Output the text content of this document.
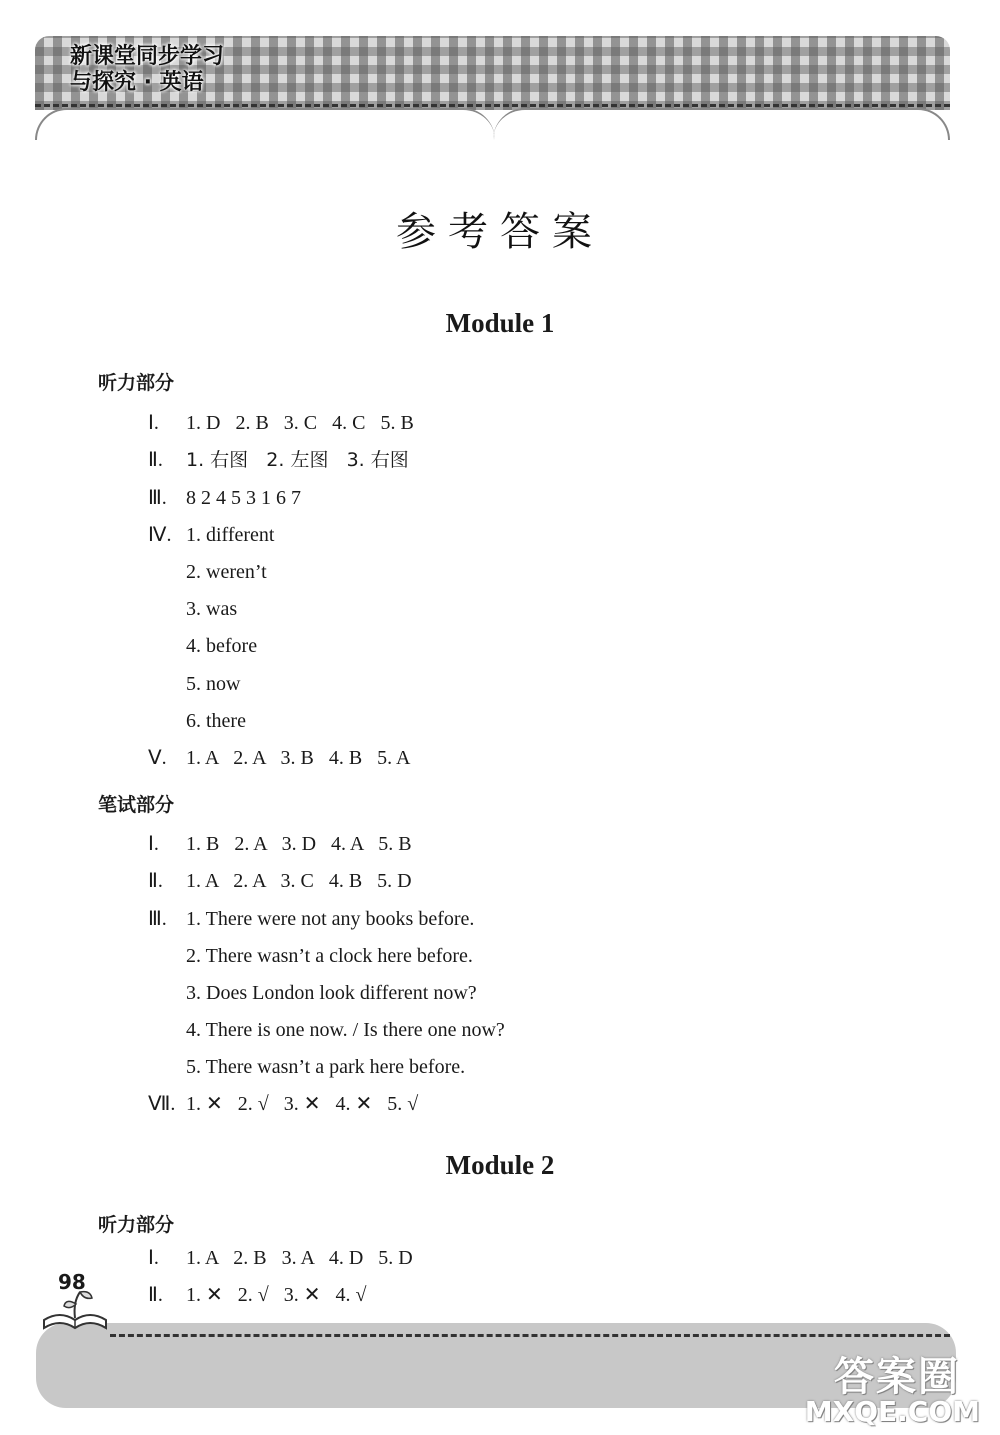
新课堂同步学习
与探究 · 英语
参考答案
Module 1
听力部分
Ⅰ. 1. D   2. B   3. C   4. C   5. B
Ⅱ. 1. 右图   2. 左图   3. 右图
Ⅲ. 8 2 4 5 3 1 6 7
Ⅳ. 1. different
2. weren’t
3. was
4. before
5. now
6. there
Ⅴ. 1. A   2. A   3. B   4. B   5. A
笔试部分
Ⅰ. 1. B   2. A   3. D   4. A   5. B
Ⅱ. 1. A   2. A   3. C   4. B   5. D
Ⅲ. 1. There were not any books before.
2. There wasn’t a clock here before.
3. Does London look different now?
4. There is one now. / Is there one now?
5. There wasn’t a park here before.
Ⅶ. 1. ✕   2. √   3. ✕   4. ✕   5. √
Module 2
听力部分
Ⅰ. 1. A   2. B   3. A   4. D   5. D
Ⅱ. 1. ✕   2. √   3. ✕   4. √
98
答案圈
MXQE.COM
